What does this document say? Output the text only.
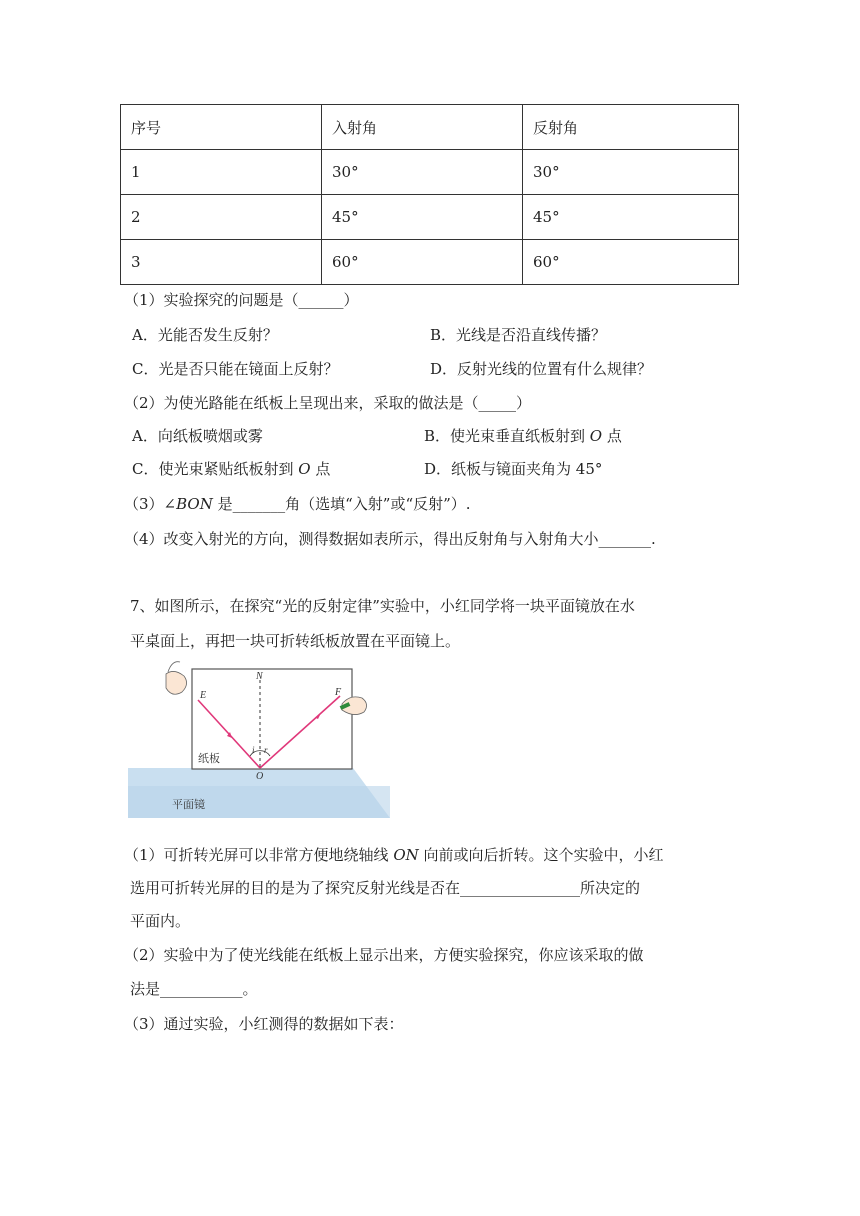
序号	入射角	反射角
1	30°	30°
2	45°	45°
3	60°	60°
（1）实验探究的问题是（______）
A．光能否发生反射？	B．光线是否沿直线传播？
C．光是否只能在镜面上反射？	D．反射光线的位置有什么规律？
（2）为使光路能在纸板上呈现出来，采取的做法是（_____）
A．向纸板喷烟或雾	B．使光束垂直纸板射到 O 点
C．使光束紧贴纸板射到 O 点	D．纸板与镜面夹角为 45°
（3）∠BON 是_______角（选填“入射”或“反射”）.
（4）改变入射光的方向，测得数据如表所示，得出反射角与入射角大小_______.
7、如图所示，在探究“光的反射定律”实验中，小红同学将一块平面镜放在水
平桌面上，再把一块可折转纸板放置在平面镜上。
E	F
N
O
i r
纸板
平面镜
（1）可折转光屏可以非常方便地绕轴线 ON 向前或向后折转。这个实验中，小红
选用可折转光屏的目的是为了探究反射光线是否在________________所决定的
平面内。
（2）实验中为了使光线能在纸板上显示出来，方便实验探究，你应该采取的做
法是___________。
（3）通过实验，小红测得的数据如下表：
